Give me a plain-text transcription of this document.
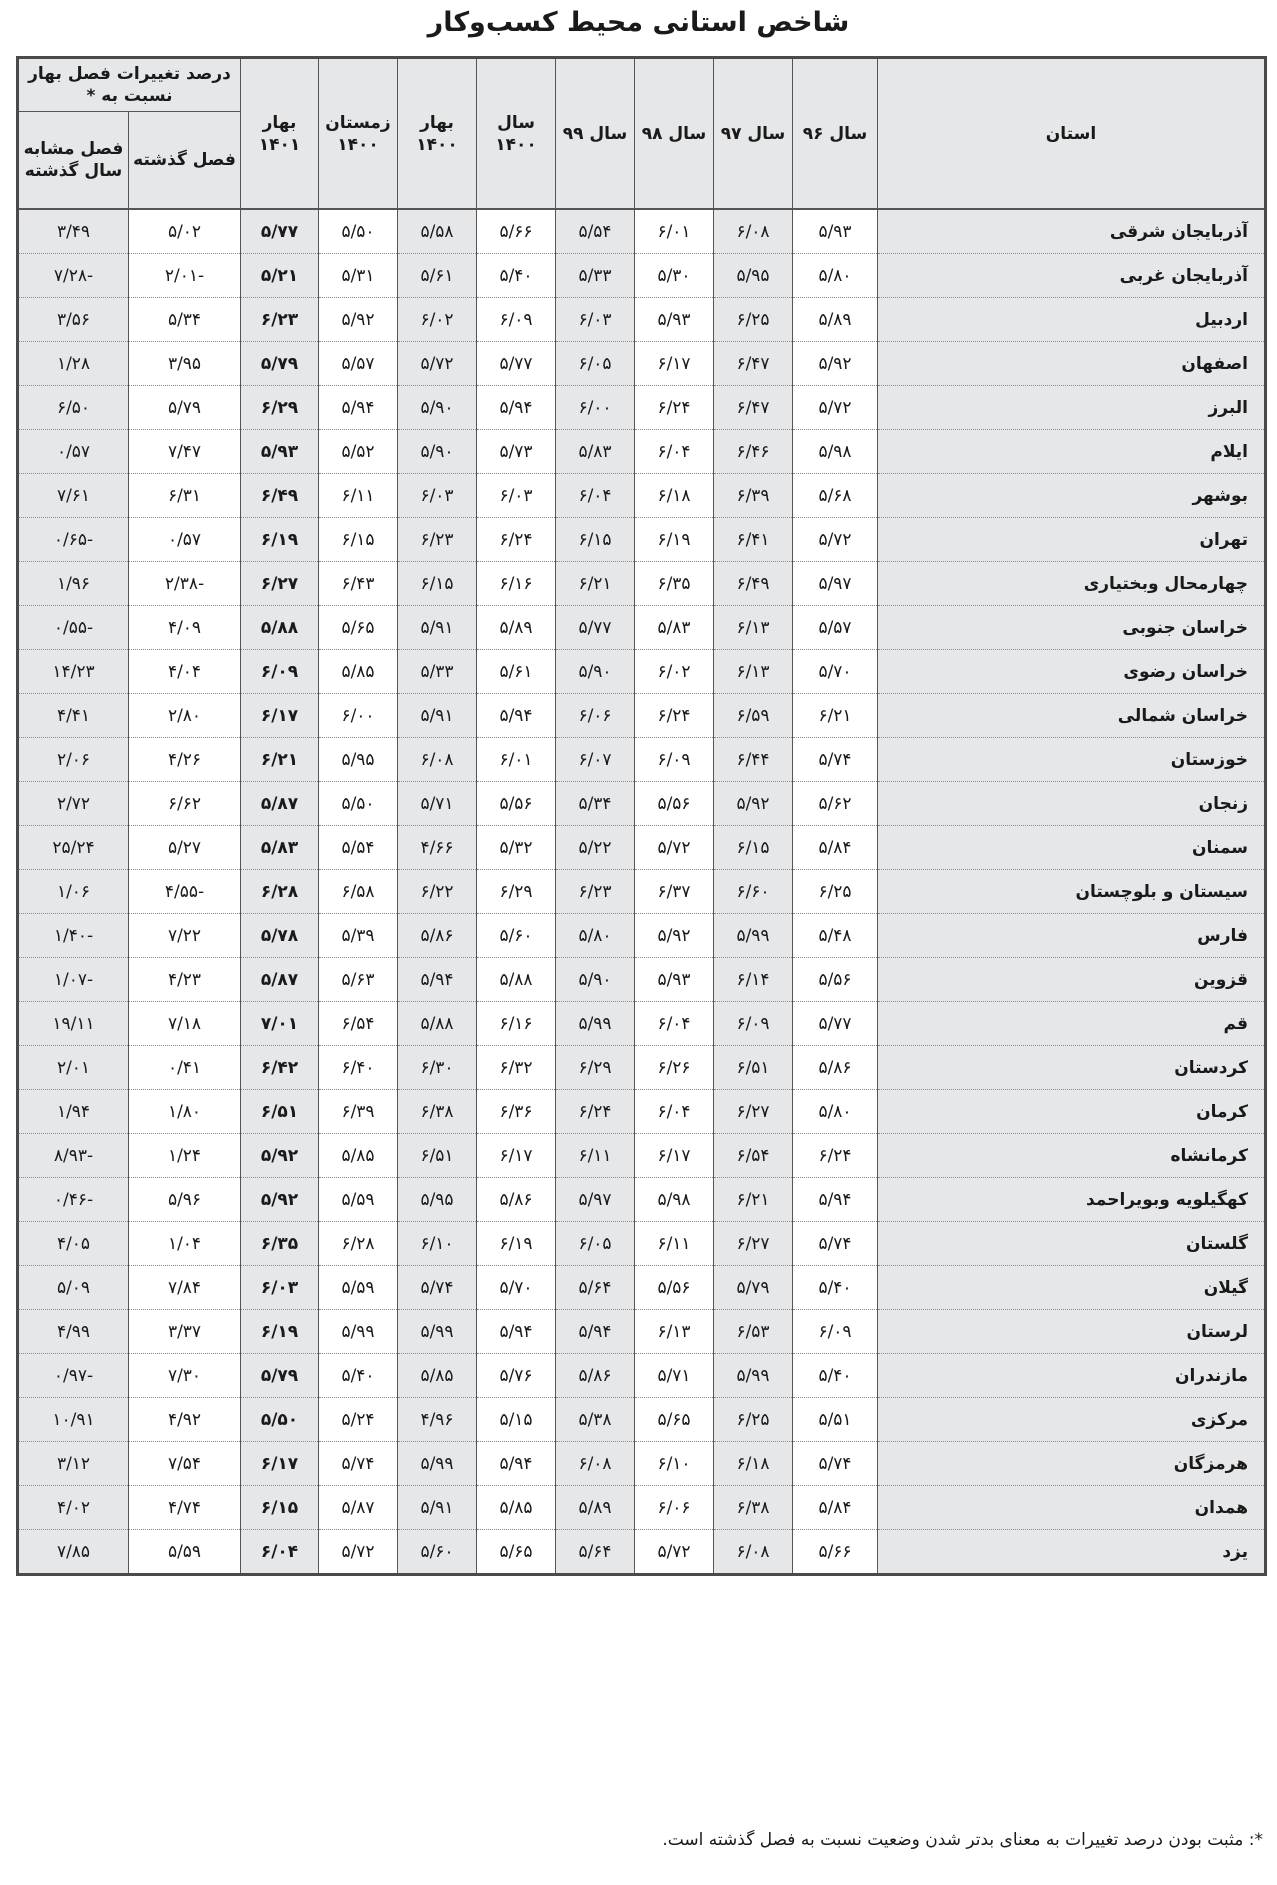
شاخص استانی محیط کسب‌وکار
استان	سال ۹۶	سال ۹۷	سال ۹۸	سال ۹۹	سال ۱۴۰۰	بهار ۱۴۰۰	زمستان ۱۴۰۰	بهار ۱۴۰۱	درصد تغییرات فصل بهار نسبت به *	
									فصل گذشته	فصل مشابه سال گذشته
آذربایجان شرقی	۵/۹۳	۶/۰۸	۶/۰۱	۵/۵۴	۵/۶۶	۵/۵۸	۵/۵۰	۵/۷۷	۵/۰۲	۳/۴۹
آذربایجان غربی	۵/۸۰	۵/۹۵	۵/۳۰	۵/۳۳	۵/۴۰	۵/۶۱	۵/۳۱	۵/۲۱	-۲/۰۱	-۷/۲۸
اردبیل	۵/۸۹	۶/۲۵	۵/۹۳	۶/۰۳	۶/۰۹	۶/۰۲	۵/۹۲	۶/۲۳	۵/۳۴	۳/۵۶
اصفهان	۵/۹۲	۶/۴۷	۶/۱۷	۶/۰۵	۵/۷۷	۵/۷۲	۵/۵۷	۵/۷۹	۳/۹۵	۱/۲۸
البرز	۵/۷۲	۶/۴۷	۶/۲۴	۶/۰۰	۵/۹۴	۵/۹۰	۵/۹۴	۶/۲۹	۵/۷۹	۶/۵۰
ایلام	۵/۹۸	۶/۴۶	۶/۰۴	۵/۸۳	۵/۷۳	۵/۹۰	۵/۵۲	۵/۹۳	۷/۴۷	۰/۵۷
بوشهر	۵/۶۸	۶/۳۹	۶/۱۸	۶/۰۴	۶/۰۳	۶/۰۳	۶/۱۱	۶/۴۹	۶/۳۱	۷/۶۱
تهران	۵/۷۲	۶/۴۱	۶/۱۹	۶/۱۵	۶/۲۴	۶/۲۳	۶/۱۵	۶/۱۹	۰/۵۷	-۰/۶۵
چهارمحال وبختیاری	۵/۹۷	۶/۴۹	۶/۳۵	۶/۲۱	۶/۱۶	۶/۱۵	۶/۴۳	۶/۲۷	-۲/۳۸	۱/۹۶
خراسان جنوبی	۵/۵۷	۶/۱۳	۵/۸۳	۵/۷۷	۵/۸۹	۵/۹۱	۵/۶۵	۵/۸۸	۴/۰۹	-۰/۵۵
خراسان رضوی	۵/۷۰	۶/۱۳	۶/۰۲	۵/۹۰	۵/۶۱	۵/۳۳	۵/۸۵	۶/۰۹	۴/۰۴	۱۴/۲۳
خراسان شمالی	۶/۲۱	۶/۵۹	۶/۲۴	۶/۰۶	۵/۹۴	۵/۹۱	۶/۰۰	۶/۱۷	۲/۸۰	۴/۴۱
خوزستان	۵/۷۴	۶/۴۴	۶/۰۹	۶/۰۷	۶/۰۱	۶/۰۸	۵/۹۵	۶/۲۱	۴/۲۶	۲/۰۶
زنجان	۵/۶۲	۵/۹۲	۵/۵۶	۵/۳۴	۵/۵۶	۵/۷۱	۵/۵۰	۵/۸۷	۶/۶۲	۲/۷۲
سمنان	۵/۸۴	۶/۱۵	۵/۷۲	۵/۲۲	۵/۳۲	۴/۶۶	۵/۵۴	۵/۸۳	۵/۲۷	۲۵/۲۴
سیستان و بلوچستان	۶/۲۵	۶/۶۰	۶/۳۷	۶/۲۳	۶/۲۹	۶/۲۲	۶/۵۸	۶/۲۸	-۴/۵۵	۱/۰۶
فارس	۵/۴۸	۵/۹۹	۵/۹۲	۵/۸۰	۵/۶۰	۵/۸۶	۵/۳۹	۵/۷۸	۷/۲۲	-۱/۴۰
قزوین	۵/۵۶	۶/۱۴	۵/۹۳	۵/۹۰	۵/۸۸	۵/۹۴	۵/۶۳	۵/۸۷	۴/۲۳	-۱/۰۷
قم	۵/۷۷	۶/۰۹	۶/۰۴	۵/۹۹	۶/۱۶	۵/۸۸	۶/۵۴	۷/۰۱	۷/۱۸	۱۹/۱۱
کردستان	۵/۸۶	۶/۵۱	۶/۲۶	۶/۲۹	۶/۳۲	۶/۳۰	۶/۴۰	۶/۴۲	۰/۴۱	۲/۰۱
کرمان	۵/۸۰	۶/۲۷	۶/۰۴	۶/۲۴	۶/۳۶	۶/۳۸	۶/۳۹	۶/۵۱	۱/۸۰	۱/۹۴
کرمانشاه	۶/۲۴	۶/۵۴	۶/۱۷	۶/۱۱	۶/۱۷	۶/۵۱	۵/۸۵	۵/۹۲	۱/۲۴	-۸/۹۳
کهگیلویه وبویراحمد	۵/۹۴	۶/۲۱	۵/۹۸	۵/۹۷	۵/۸۶	۵/۹۵	۵/۵۹	۵/۹۲	۵/۹۶	-۰/۴۶
گلستان	۵/۷۴	۶/۲۷	۶/۱۱	۶/۰۵	۶/۱۹	۶/۱۰	۶/۲۸	۶/۳۵	۱/۰۴	۴/۰۵
گیلان	۵/۴۰	۵/۷۹	۵/۵۶	۵/۶۴	۵/۷۰	۵/۷۴	۵/۵۹	۶/۰۳	۷/۸۴	۵/۰۹
لرستان	۶/۰۹	۶/۵۳	۶/۱۳	۵/۹۴	۵/۹۴	۵/۹۹	۵/۹۹	۶/۱۹	۳/۳۷	۴/۹۹
مازندران	۵/۴۰	۵/۹۹	۵/۷۱	۵/۸۶	۵/۷۶	۵/۸۵	۵/۴۰	۵/۷۹	۷/۳۰	-۰/۹۷
مرکزی	۵/۵۱	۶/۲۵	۵/۶۵	۵/۳۸	۵/۱۵	۴/۹۶	۵/۲۴	۵/۵۰	۴/۹۲	۱۰/۹۱
هرمزگان	۵/۷۴	۶/۱۸	۶/۱۰	۶/۰۸	۵/۹۴	۵/۹۹	۵/۷۴	۶/۱۷	۷/۵۴	۳/۱۲
همدان	۵/۸۴	۶/۳۸	۶/۰۶	۵/۸۹	۵/۸۵	۵/۹۱	۵/۸۷	۶/۱۵	۴/۷۴	۴/۰۲
یزد	۵/۶۶	۶/۰۸	۵/۷۲	۵/۶۴	۵/۶۵	۵/۶۰	۵/۷۲	۶/۰۴	۵/۵۹	۷/۸۵
*: مثبت بودن درصد تغییرات به معنای بدتر شدن وضعیت نسبت به فصل گذشته است.
